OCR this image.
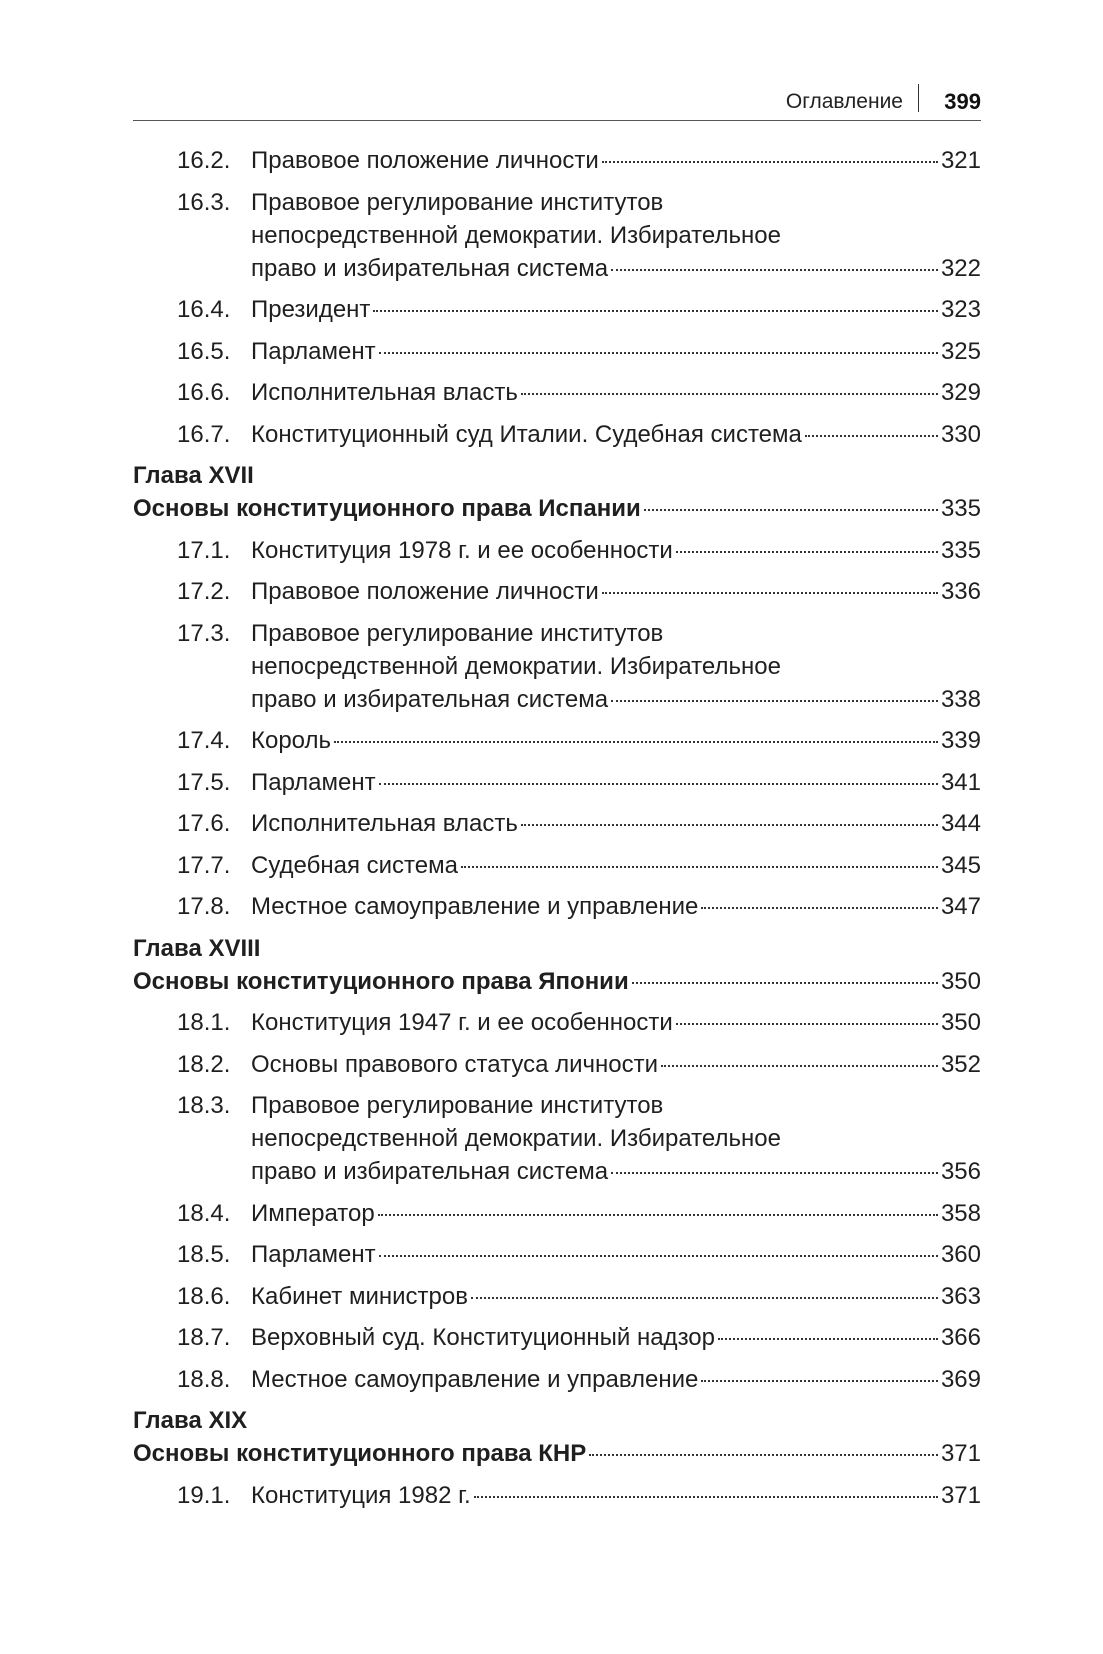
Оглавление 399
16.2. Правовое положение личности	321
16.3. Правовое регулирование институтов
непосредственной демократии. Избирательное
право и избирательная система	322
16.4. Президент	323
16.5. Парламент	325
16.6. Исполнительная власть	329
16.7. Конституционный суд Италии. Судебная система	330
Глава XVII
Основы конституционного права Испании	335
17.1. Конституция 1978 г. и ее особенности	335
17.2. Правовое положение личности	336
17.3. Правовое регулирование институтов
непосредственной демократии. Избирательное
право и избирательная система	338
17.4. Король	339
17.5. Парламент	341
17.6. Исполнительная власть	344
17.7. Судебная система	345
17.8. Местное самоуправление и управление	347
Глава XVIII
Основы конституционного права Японии	350
18.1. Конституция 1947 г. и ее особенности	350
18.2. Основы правового статуса личности	352
18.3. Правовое регулирование институтов
непосредственной демократии. Избирательное
право и избирательная система	356
18.4. Император	358
18.5. Парламент	360
18.6. Кабинет министров	363
18.7. Верховный суд. Конституционный надзор	366
18.8. Местное самоуправление и управление	369
Глава XIX
Основы конституционного права КНР	371
19.1. Конституция 1982 г.	371
